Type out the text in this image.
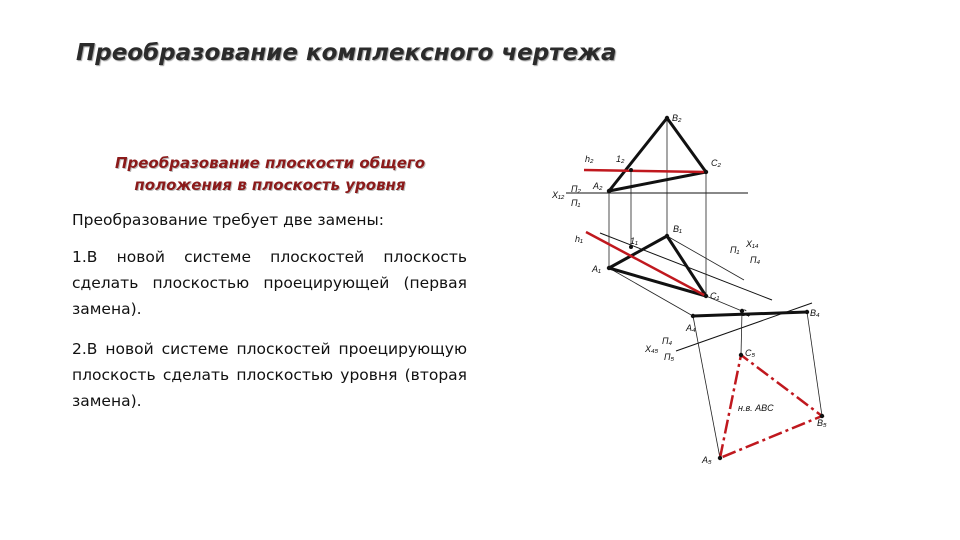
Преобразование комплексного чертежа
Преобразование плоскости общего
положения в плоскость уровня
Преобразование требует две замены:
1.В новой системе плоскостей плоскость сделать плоскостью проецирующей (первая замена).
2.В новой системе плоскостей проецирующую плоскость сделать плоскостью уровня (вторая замена).
B₂
h₂	1₂	C₂
X₁₂
A₂
П₂
П₁
h₁	1₁
B₁
A₁
X₁₄
П₁
П₄
C₁
C₄	B₄
A₄
П₄
X₄₅
П₅	C₅
н.в. ABC
B₅
A₅
